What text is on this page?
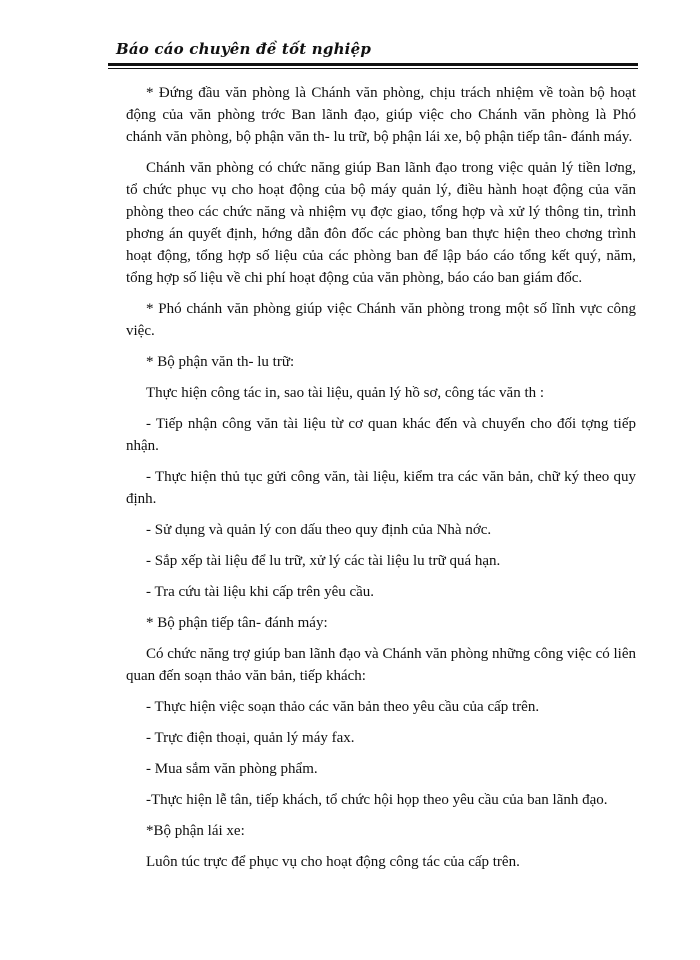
Báo cáo chuyên đề tốt nghiệp

* Đứng đầu văn phòng là Chánh văn phòng, chịu trách nhiệm về toàn bộ hoạt động của văn phòng trớc Ban lãnh đạo, giúp việc cho Chánh văn phòng là Phó chánh văn phòng, bộ phận văn th- lu trữ, bộ phận lái xe, bộ phận tiếp tân- đánh máy.

Chánh văn phòng có chức năng giúp Ban lãnh đạo trong việc quản lý tiền lơng, tổ chức phục vụ cho hoạt động của bộ máy quản lý, điều hành hoạt động của văn phòng theo các chức năng và nhiệm vụ đợc giao, tổng hợp và xử lý thông tin, trình phơng án quyết định, hớng dẫn đôn đốc các phòng ban thực hiện theo chơng trình hoạt động, tổng hợp số liệu của các phòng ban để lập báo cáo tổng kết quý, năm, tổng hợp số liệu về chi phí hoạt động của văn phòng, báo cáo ban giám đốc.

* Phó chánh văn phòng giúp việc Chánh văn phòng trong một số lĩnh vực công việc.

* Bộ phận văn th- lu trữ:

Thực hiện công tác in, sao tài liệu, quản lý hồ sơ, công tác văn th :

- Tiếp nhận công văn tài liệu từ cơ quan khác đến và chuyển cho đối tợng tiếp nhận.

- Thực hiện thủ tục gửi công văn, tài liệu, kiểm tra các văn bản, chữ ký theo quy định.

- Sử dụng và quản lý con dấu theo quy định của Nhà nớc.

- Sắp xếp tài liệu để lu trữ, xử lý các tài liệu lu trữ quá hạn.

- Tra cứu tài liệu khi cấp trên yêu cầu.

* Bộ phận tiếp tân- đánh máy:

Có chức năng trợ giúp ban lãnh đạo và Chánh văn phòng những công việc có liên quan đến soạn thảo văn bản, tiếp khách:

- Thực hiện việc soạn thảo các văn bản theo yêu cầu của cấp trên.

- Trực điện thoại, quản lý máy fax.

- Mua sắm văn phòng phẩm.

-Thực hiện lễ tân, tiếp khách, tổ chức hội họp theo yêu cầu của ban lãnh đạo.

*Bộ phận lái xe:

Luôn túc trực để phục vụ cho hoạt động công tác của cấp trên.
